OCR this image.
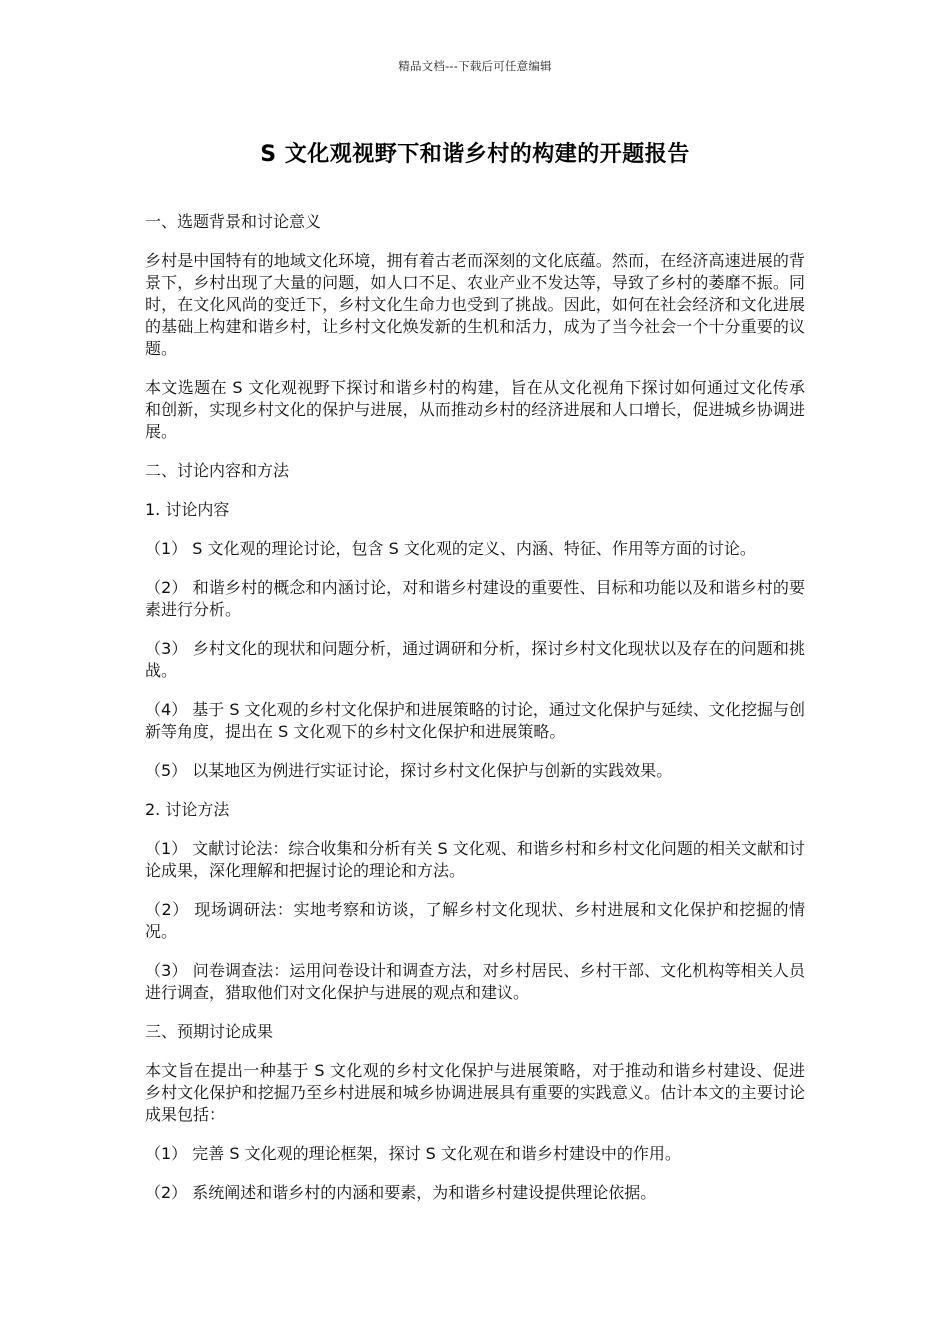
精品文档---下载后可任意编辑
S 文化观视野下和谐乡村的构建的开题报告

一、选题背景和讨论意义

乡村是中国特有的地域文化环境，拥有着古老而深刻的文化底蕴。然而，在经济高速进展的背景下，乡村出现了大量的问题，如人口不足、农业产业不发达等，导致了乡村的萎靡不振。同时，在文化风尚的变迁下，乡村文化生命力也受到了挑战。因此，如何在社会经济和文化进展的基础上构建和谐乡村，让乡村文化焕发新的生机和活力，成为了当今社会一个十分重要的议题。

本文选题在 S 文化观视野下探讨和谐乡村的构建，旨在从文化视角下探讨如何通过文化传承和创新，实现乡村文化的保护与进展，从而推动乡村的经济进展和人口增长，促进城乡协调进展。

二、讨论内容和方法

1. 讨论内容

（1） S 文化观的理论讨论，包含 S 文化观的定义、内涵、特征、作用等方面的讨论。

（2） 和谐乡村的概念和内涵讨论，对和谐乡村建设的重要性、目标和功能以及和谐乡村的要素进行分析。

（3） 乡村文化的现状和问题分析，通过调研和分析，探讨乡村文化现状以及存在的问题和挑战。

（4） 基于 S 文化观的乡村文化保护和进展策略的讨论，通过文化保护与延续、文化挖掘与创新等角度，提出在 S 文化观下的乡村文化保护和进展策略。

（5） 以某地区为例进行实证讨论，探讨乡村文化保护与创新的实践效果。

2. 讨论方法

（1） 文献讨论法：综合收集和分析有关 S 文化观、和谐乡村和乡村文化问题的相关文献和讨论成果，深化理解和把握讨论的理论和方法。

（2） 现场调研法：实地考察和访谈，了解乡村文化现状、乡村进展和文化保护和挖掘的情况。

（3） 问卷调查法：运用问卷设计和调查方法，对乡村居民、乡村干部、文化机构等相关人员进行调查，猎取他们对文化保护与进展的观点和建议。

三、预期讨论成果

本文旨在提出一种基于 S 文化观的乡村文化保护与进展策略，对于推动和谐乡村建设、促进乡村文化保护和挖掘乃至乡村进展和城乡协调进展具有重要的实践意义。估计本文的主要讨论成果包括：

（1） 完善 S 文化观的理论框架，探讨 S 文化观在和谐乡村建设中的作用。

（2） 系统阐述和谐乡村的内涵和要素，为和谐乡村建设提供理论依据。
